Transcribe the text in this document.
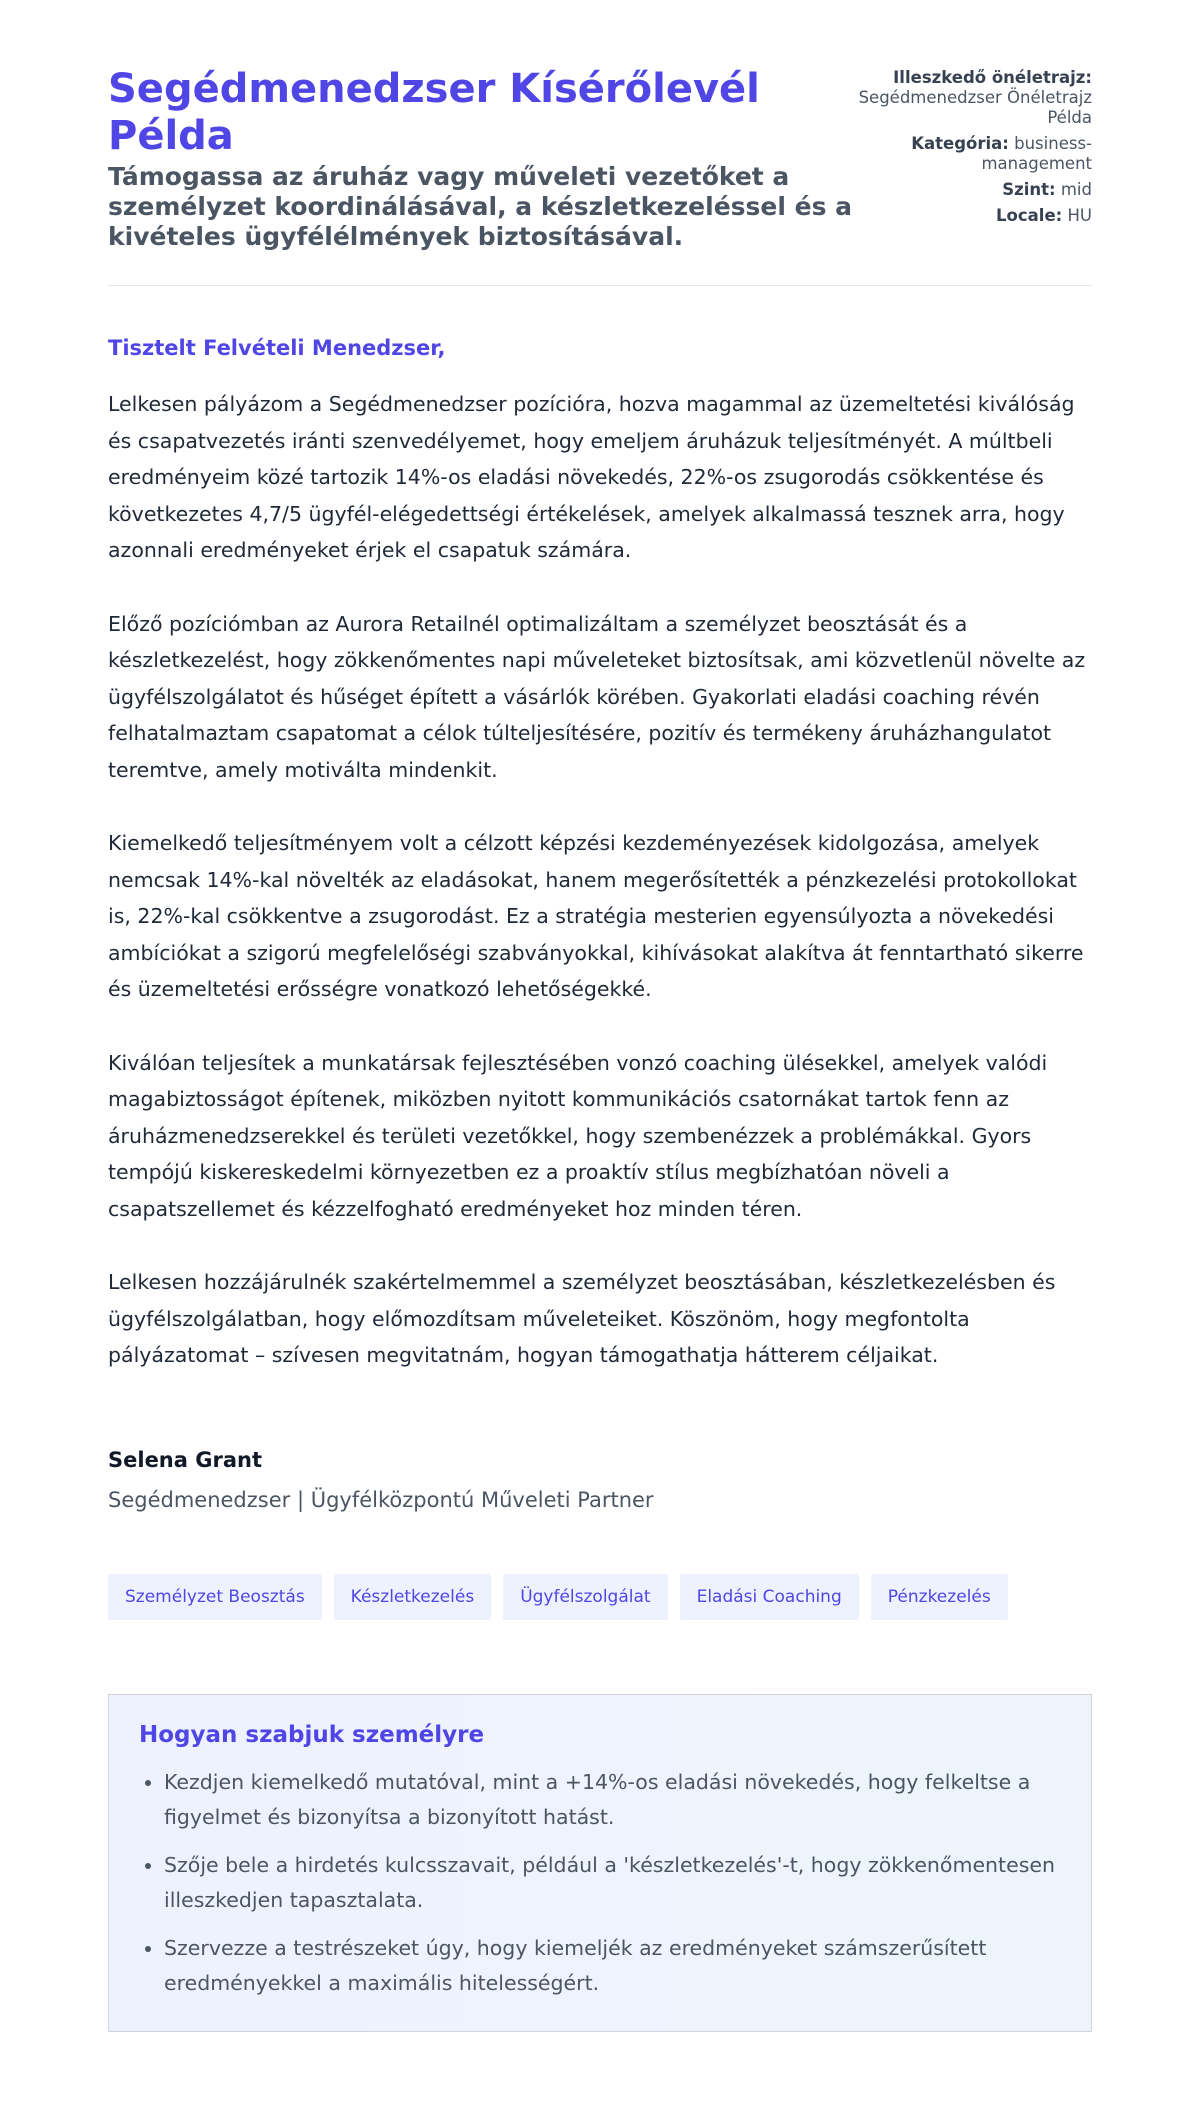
Segédmenedzser Kísérőlevél Példa
Támogassa az áruház vagy műveleti vezetőket a személyzet koordinálásával, a készletkezeléssel és a kivételes ügyfélélmények biztosításával.
Illeszkedő önéletrajz: Segédmenedzser Önéletrajz Példa
Kategória: business-management
Szint: mid
Locale: HU

Tisztelt Felvételi Menedzser,

Lelkesen pályázom a Segédmenedzser pozícióra, hozva magammal az üzemeltetési kiválóság és csapatvezetés iránti szenvedélyemet, hogy emeljem áruházuk teljesítményét. A múltbeli eredményeim közé tartozik 14%-os eladási növekedés, 22%-os zsugorodás csökkentése és következetes 4,7/5 ügyfél-elégedettségi értékelések, amelyek alkalmassá tesznek arra, hogy azonnali eredményeket érjek el csapatuk számára.

Előző pozíciómban az Aurora Retailnél optimalizáltam a személyzet beosztását és a készletkezelést, hogy zökkenőmentes napi műveleteket biztosítsak, ami közvetlenül növelte az ügyfélszolgálatot és hűséget épített a vásárlók körében. Gyakorlati eladási coaching révén felhatalmaztam csapatomat a célok túlteljesítésére, pozitív és termékeny áruházhangulatot teremtve, amely motiválta mindenkit.

Kiemelkedő teljesítményem volt a célzott képzési kezdeményezések kidolgozása, amelyek nemcsak 14%-kal növelték az eladásokat, hanem megerősítették a pénzkezelési protokollokat is, 22%-kal csökkentve a zsugorodást. Ez a stratégia mesterien egyensúlyozta a növekedési ambíciókat a szigorú megfelelőségi szabványokkal, kihívásokat alakítva át fenntartható sikerre és üzemeltetési erősségre vonatkozó lehetőségekké.

Kiválóan teljesítek a munkatársak fejlesztésében vonzó coaching ülésekkel, amelyek valódi magabiztosságot építenek, miközben nyitott kommunikációs csatornákat tartok fenn az áruházmenedzserekkel és területi vezetőkkel, hogy szembenézzek a problémákkal. Gyors tempójú kiskereskedelmi környezetben ez a proaktív stílus megbízhatóan növeli a csapatszellemet és kézzelfogható eredményeket hoz minden téren.

Lelkesen hozzájárulnék szakértelmemmel a személyzet beosztásában, készletkezelésben és ügyfélszolgálatban, hogy előmozdítsam műveleteiket. Köszönöm, hogy megfontolta pályázatomat – szívesen megvitatnám, hogyan támogathatja hátterem céljaikat.

Selena Grant

Segédmenedzser | Ügyfélközpontú Műveleti Partner

Személyzet Beosztás	Készletkezelés	Ügyfélszolgálat	Eladási Coaching	Pénzkezelés
Hogyan szabjuk személyre
• Kezdjen kiemelkedő mutatóval, mint a +14%-os eladási növekedés, hogy felkeltse a figyelmet és bizonyítsa a bizonyított hatást.
• Szője bele a hirdetés kulcsszavait, például a 'készletkezelés'-t, hogy zökkenőmentesen illeszkedjen tapasztalata.
• Szervezze a testrészeket úgy, hogy kiemeljék az eredményeket számszerűsített eredményekkel a maximális hitelességért.
